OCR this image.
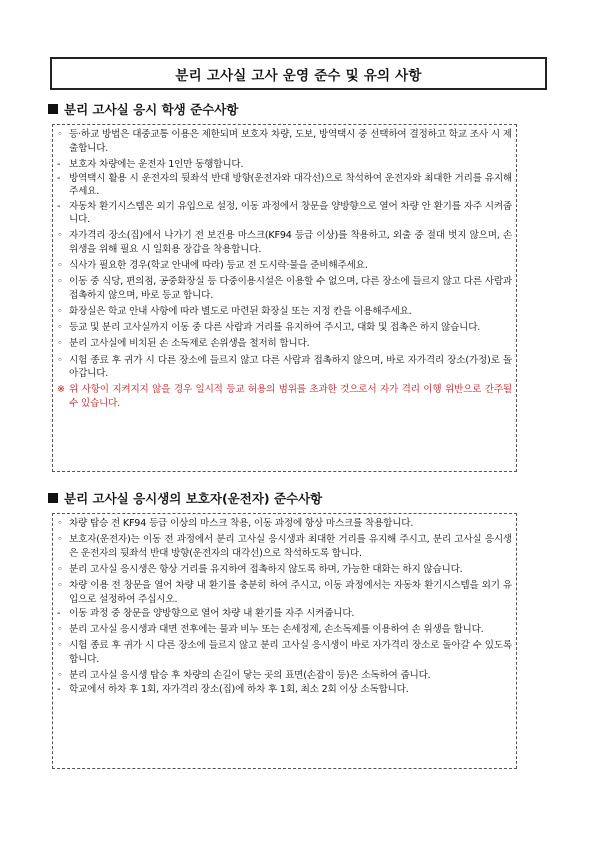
분리 고사실 고사 운영 준수 및 유의 사항
분리 고사실 응시 학생 준수사항
◦ 등·하교 방법은 대중교통 이용은 제한되며 보호자 차량, 도보, 방역택시 중 선택하여 결정하고 학교 조사 시 제출합니다.
- 보호자 차량에는 운전자 1인만 동행합니다.
- 방역택시 활용 시 운전자의 뒷좌석 반대 방향(운전자와 대각선)으로 착석하여 운전자와 최대한 거리를 유지해 주세요.
- 자동차 환기시스템은 외기 유입으로 설정, 이동 과정에서 창문을 양방향으로 열어 차량 안 환기를 자주 시켜줍니다.
◦ 자가격리 장소(집)에서 나가기 전 보건용 마스크(KF94 등급 이상)를 착용하고, 외출 중 절대 벗지 않으며, 손 위생을 위해 필요 시 일회용 장갑을 착용합니다.
◦ 식사가 필요한 경우(학교 안내에 따라) 등교 전 도시락·물을 준비해주세요.
◦ 이동 중 식당, 편의점, 공중화장실 등 다중이용시설은 이용할 수 없으며, 다른 장소에 들르지 않고 다른 사람과 접촉하지 않으며, 바로 등교 합니다.
◦ 화장실은 학교 안내 사항에 따라 별도로 마련된 화장실 또는 지정 칸을 이용해주세요.
◦ 등교 및 분리 고사실까지 이동 중 다른 사람과 거리를 유지하여 주시고, 대화 및 접촉은 하지 않습니다.
◦ 분리 고사실에 비치된 손 소독제로 손위생을 철저히 합니다.
◦ 시험 종료 후 귀가 시 다른 장소에 들르지 않고 다른 사람과 접촉하지 않으며, 바로 자가격리 장소(가정)로 돌아갑니다.
※ 위 사항이 지켜지지 않을 경우 일시적 등교 허용의 범위를 초과한 것으로서 자가 격리 이행 위반으로 간주될 수 있습니다.
분리 고사실 응시생의 보호자(운전자) 준수사항
◦ 차량 탑승 전 KF94 등급 이상의 마스크 착용, 이동 과정에 항상 마스크를 착용합니다.
◦ 보호자(운전자)는 이동 전 과정에서 분리 고사실 응시생과 최대한 거리를 유지해 주시고, 분리 고사실 응시생은 운전자의 뒷좌석 반대 방향(운전자의 대각선)으로 착석하도록 합니다.
◦ 분리 고사실 응시생은 항상 거리를 유지하여 접촉하지 않도록 하며, 가능한 대화는 하지 않습니다.
◦ 차량 이용 전 창문을 열어 차량 내 환기를 충분히 하여 주시고, 이동 과정에서는 자동차 환기시스템을 외기 유입으로 설정하여 주십시오.
- 이동 과정 중 창문을 양방향으로 열어 차량 내 환기를 자주 시켜줍니다.
◦ 분리 고사실 응시생과 대면 전후에는 물과 비누 또는 손세정제, 손소독제를 이용하여 손 위생을 합니다.
◦ 시험 종료 후 귀가 시 다른 장소에 들르지 않고 분리 고사실 응시생이 바로 자가격리 장소로 돌아갈 수 있도록 합니다.
◦ 분리 고사실 응시생 탑승 후 차량의 손길이 닿는 곳의 표면(손잡이 등)은 소독하여 줍니다.
- 학교에서 하차 후 1회, 자가격리 장소(집)에 하차 후 1회, 최소 2회 이상 소독합니다.
